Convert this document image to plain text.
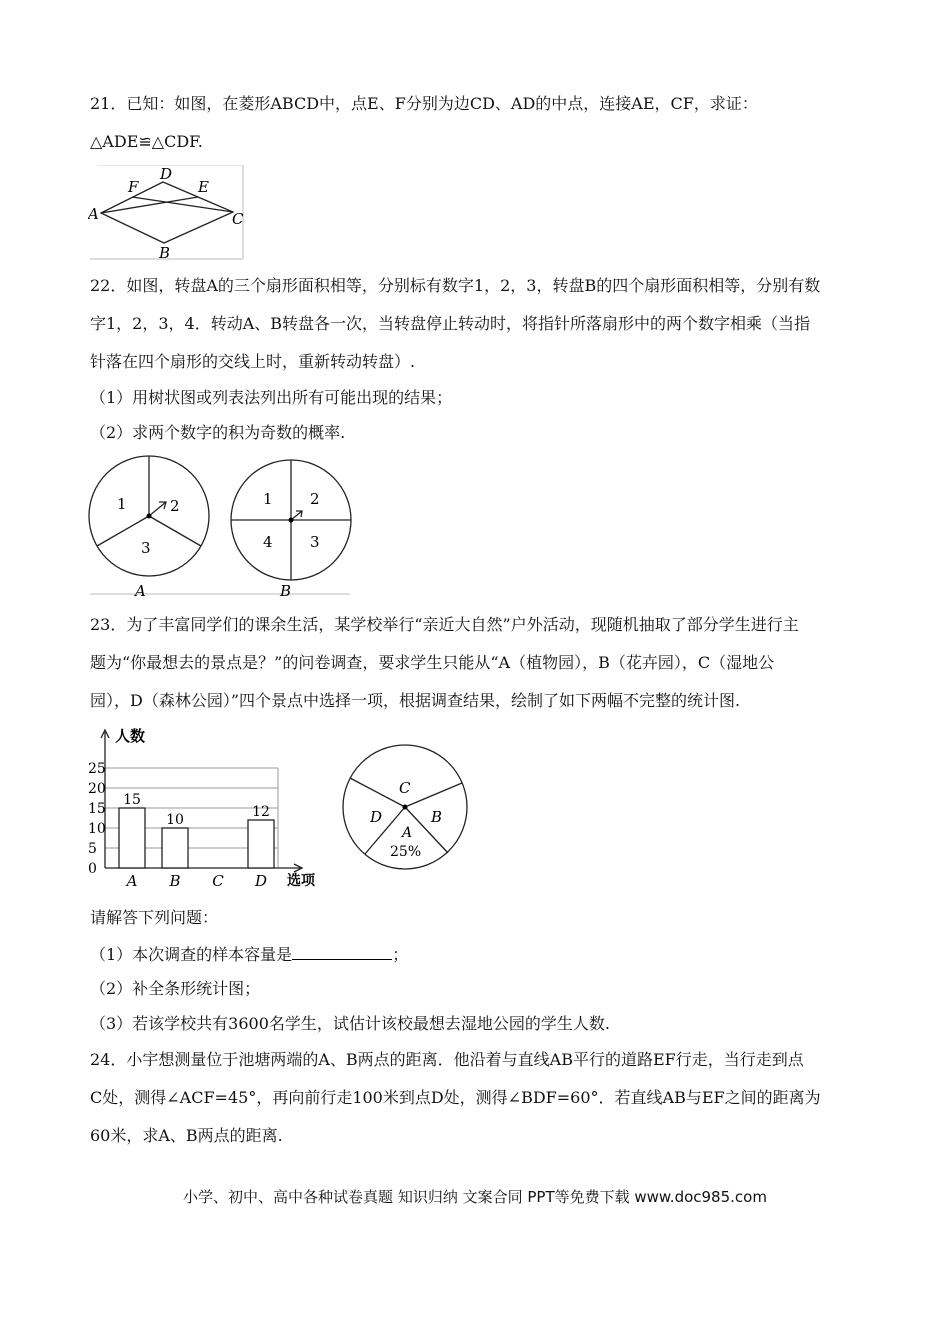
21．已知：如图，在菱形ABCD中，点E、F分别为边CD、AD的中点，连接AE，CF，求证：
△ADE≌△CDF.
A
B
C
D
E
F
22．如图，转盘A的三个扇形面积相等，分别标有数字1，2，3，转盘B的四个扇形面积相等，分别有数
字1，2，3，4．转动A、B转盘各一次，当转盘停止转动时，将指针所落扇形中的两个数字相乘（当指
针落在四个扇形的交线上时，重新转动转盘）.
（1）用树状图或列表法列出所有可能出现的结果；
（2）求两个数字的积为奇数的概率.
1	2
3
A
1 2
3
4
B
23．为了丰富同学们的课余生活，某学校举行“亲近大自然”户外活动，现随机抽取了部分学生进行主
题为“你最想去的景点是？”的问卷调查，要求学生只能从“A（植物园），B（花卉园），C（湿地公
园），D（森林公园）”四个景点中选择一项，根据调查结果，绘制了如下两幅不完整的统计图.
人数
选项
0
5
10
15
20
25
A B C D
15
10	12
C
D	B
A
25%
请解答下列问题：
（1）本次调查的样本容量是	；
（2）补全条形统计图；
（3）若该学校共有3600名学生，试估计该校最想去湿地公园的学生人数.
24．小宇想测量位于池塘两端的A、B两点的距离．他沿着与直线AB平行的道路EF行走，当行走到点
C处，测得∠ACF=45°，再向前行走100米到点D处，测得∠BDF=60°．若直线AB与EF之间的距离为
60米，求A、B两点的距离.
小学、初中、高中各种试卷真题 知识归纳 文案合同 PPT等免费下载 www.doc985.com
